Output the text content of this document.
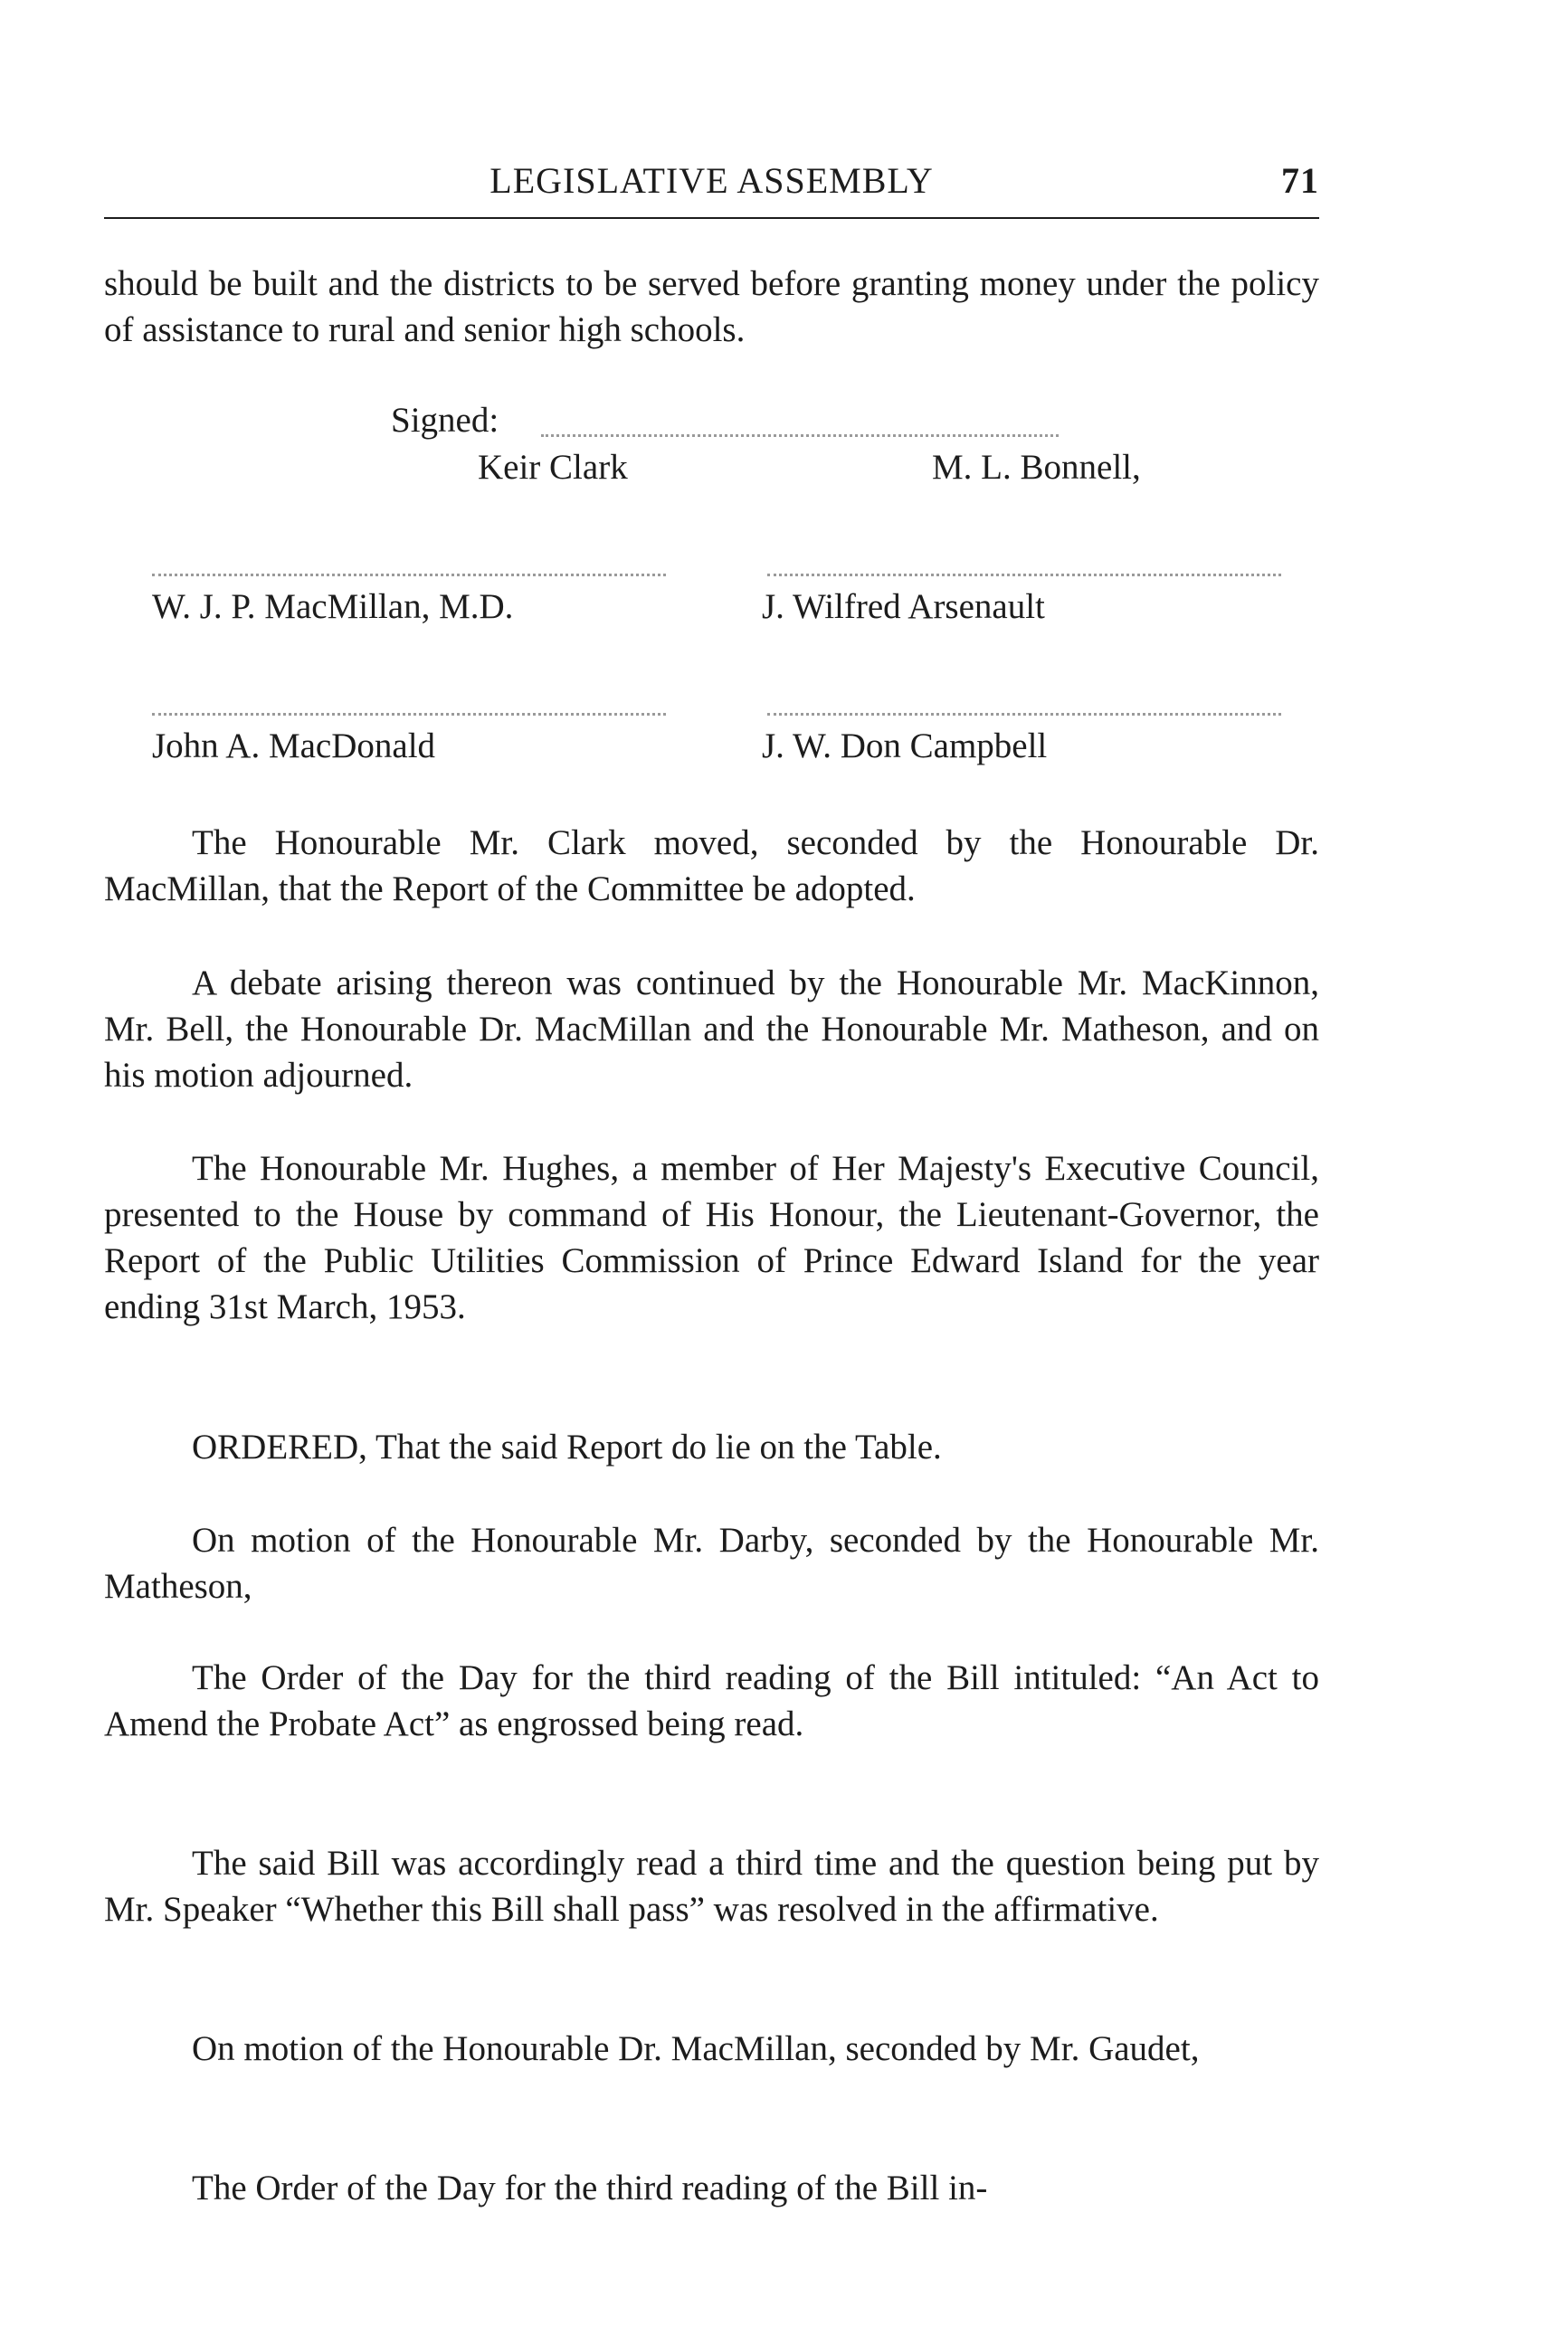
LEGISLATIVE ASSEMBLY	71

should be built and the districts to be served before granting money under the policy of assistance to rural and senior high schools.

Signed:
Keir Clark	M. L. Bonnell,
W. J. P. MacMillan, M.D.	J. Wilfred Arsenault
John A. MacDonald	J. W. Don Campbell

The Honourable Mr. Clark moved, seconded by the Honourable Dr. MacMillan, that the Report of the Committee be adopted.

A debate arising thereon was continued by the Honourable Mr. MacKinnon, Mr. Bell, the Honourable Dr. MacMillan and the Honourable Mr. Matheson, and on his motion adjourned.

The Honourable Mr. Hughes, a member of Her Majesty's Executive Council, presented to the House by command of His Honour, the Lieutenant-Governor, the Report of the Public Utilities Commission of Prince Edward Island for the year ending 31st March, 1953.

ORDERED, That the said Report do lie on the Table.

On motion of the Honourable Mr. Darby, seconded by the Honourable Mr. Matheson,

The Order of the Day for the third reading of the Bill intituled: “An Act to Amend the Probate Act” as engrossed being read.

The said Bill was accordingly read a third time and the question being put by Mr. Speaker “Whether this Bill shall pass” was resolved in the affirmative.

On motion of the Honourable Dr. MacMillan, seconded by Mr. Gaudet,

The Order of the Day for the third reading of the Bill in-
